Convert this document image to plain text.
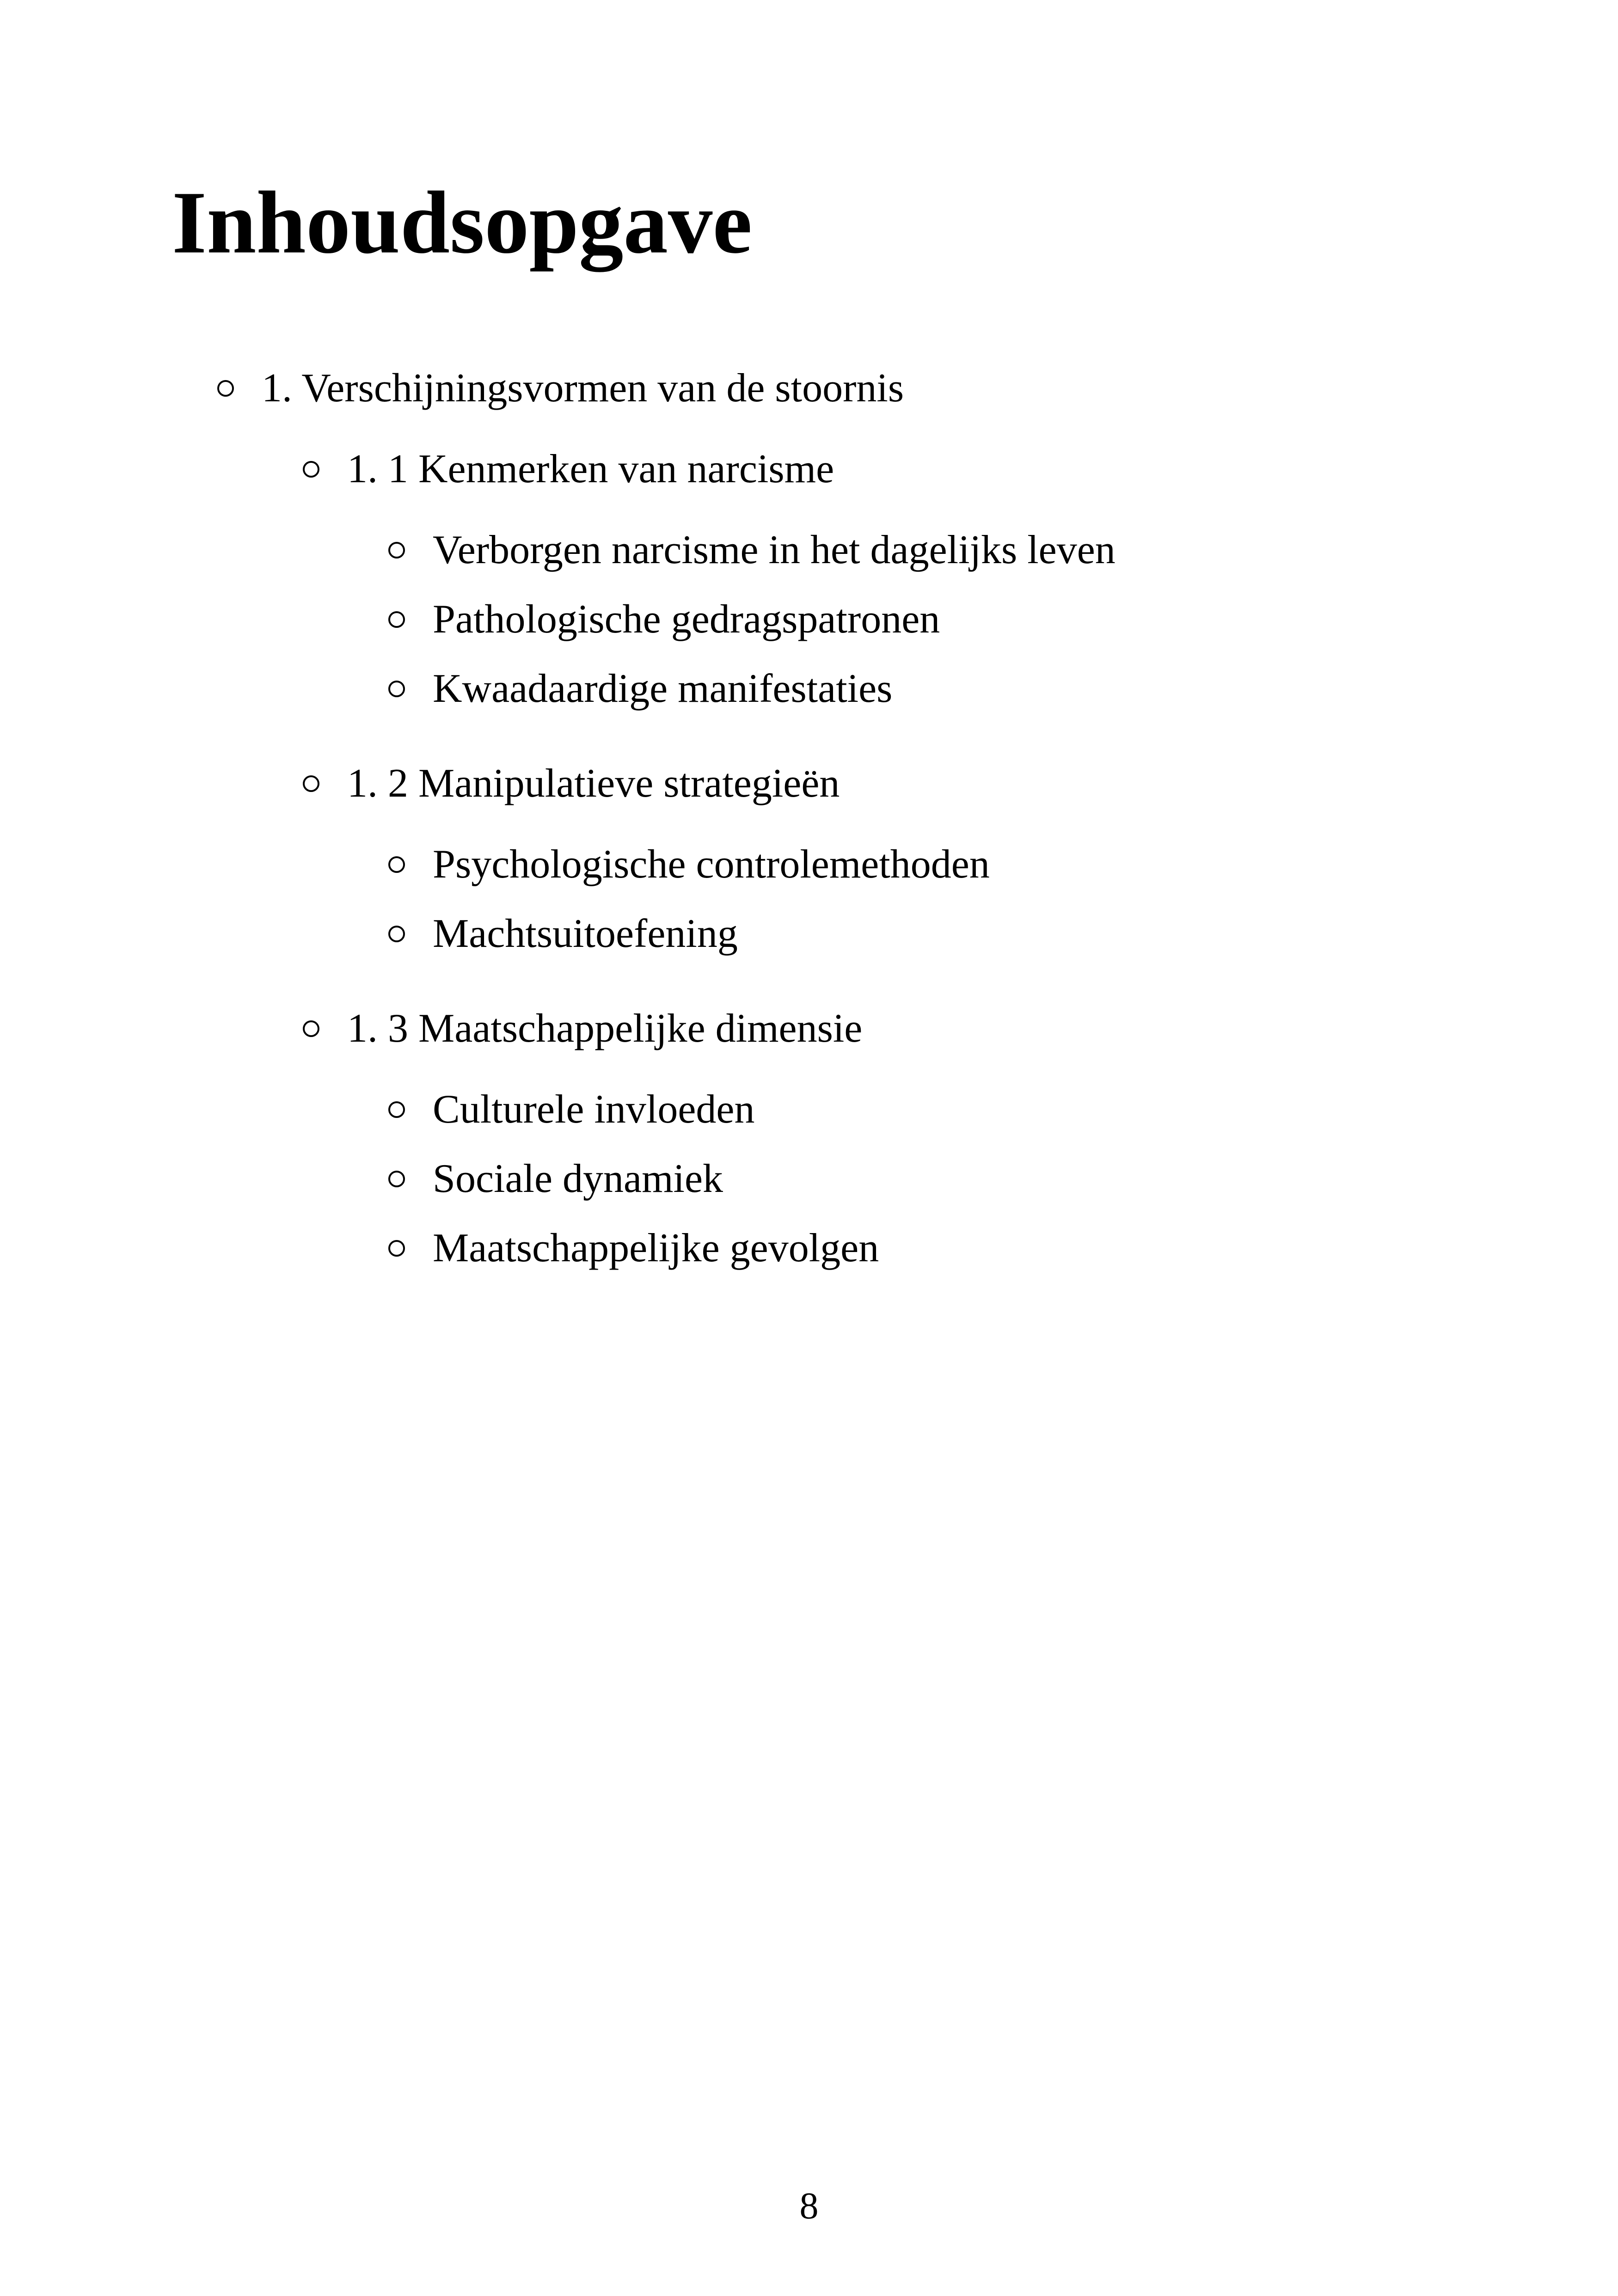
Inhoudsopgave
1. Verschijningsvormen van de stoornis
1. 1 Kenmerken van narcisme
Verborgen narcisme in het dagelijks leven
Pathologische gedragspatronen
Kwaadaardige manifestaties
1. 2 Manipulatieve strategieën
Psychologische controlemethoden
Machtsuitoefening
1. 3 Maatschappelijke dimensie
Culturele invloeden
Sociale dynamiek
Maatschappelijke gevolgen
8
